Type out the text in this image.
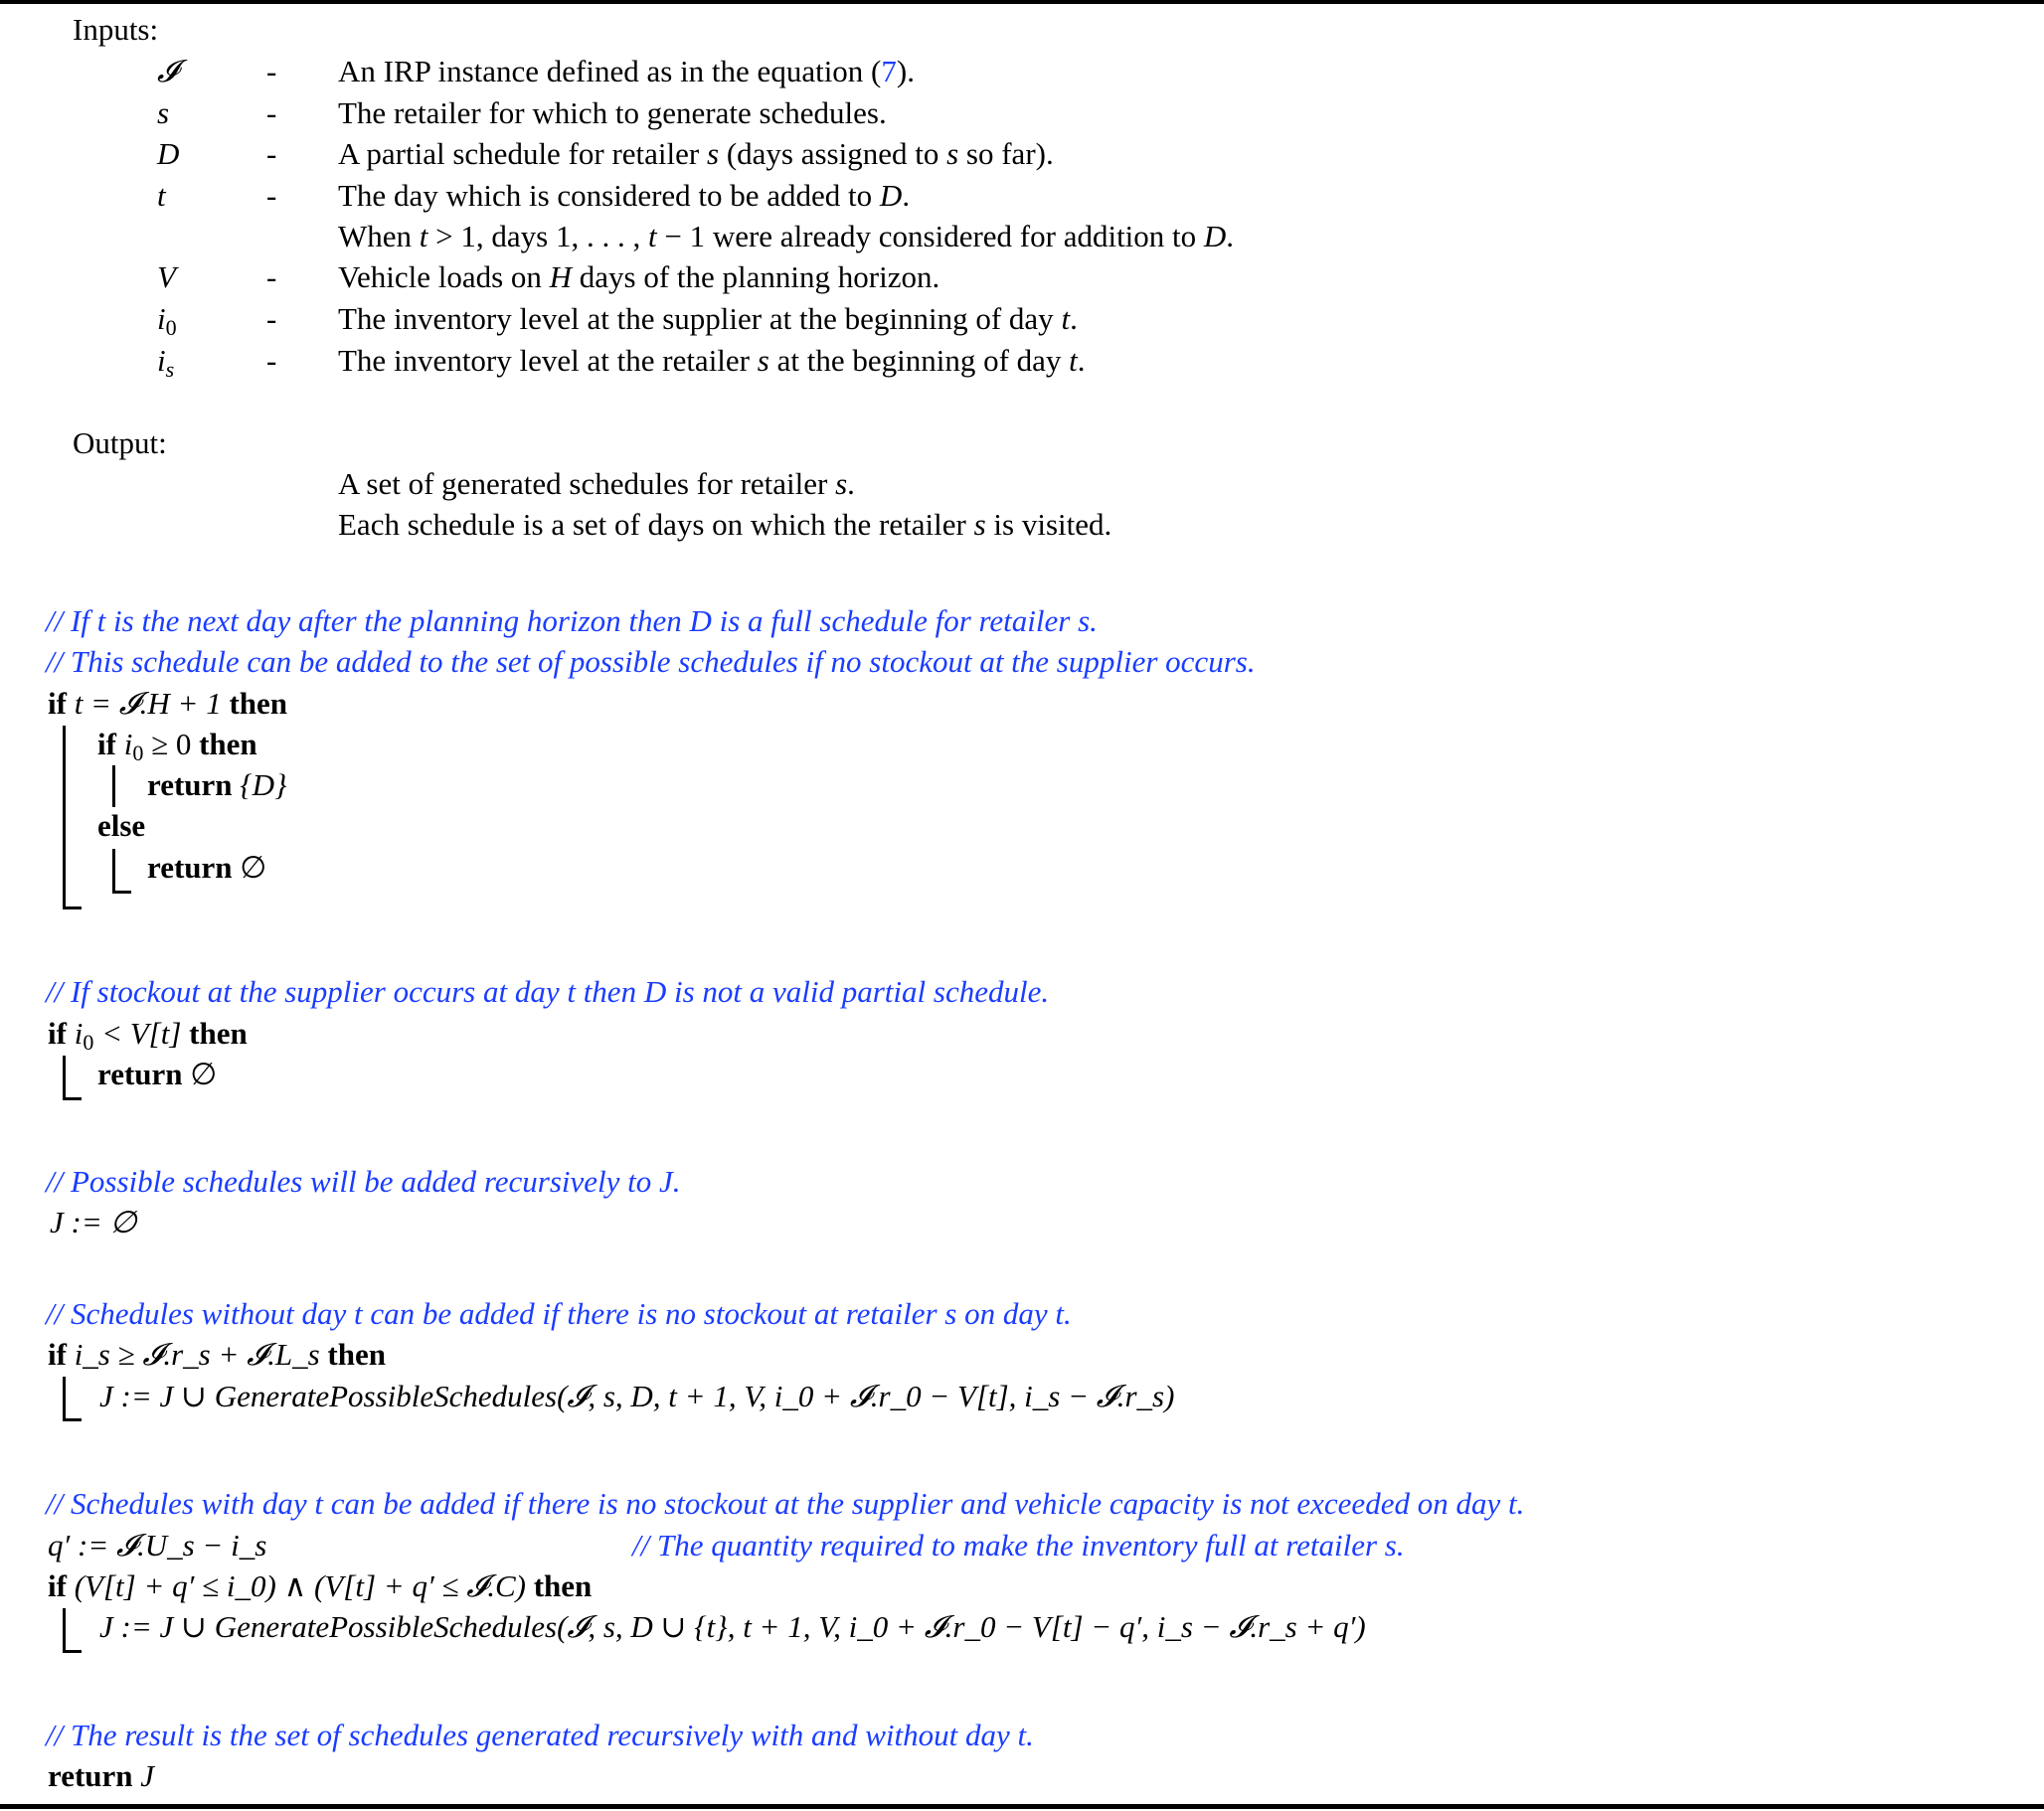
Inputs:
𝓘	- An IRP instance defined as in the equation (7).
s	- The retailer for which to generate schedules.
D	- A partial schedule for retailer s (days assigned to s so far).
t	- The day which is considered to be added to D.
When t > 1, days 1, . . . , t − 1 were already considered for addition to D.
V	- Vehicle loads on H days of the planning horizon.
$i_0$	- The inventory level at the supplier at the beginning of day t.
$i_s$	- The inventory level at the retailer s at the beginning of day t.
Output:
A set of generated schedules for retailer s.
Each schedule is a set of days on which the retailer s is visited.
// If t is the next day after the planning horizon then D is a full schedule for retailer s.
// This schedule can be added to the set of possible schedules if no stockout at the supplier occurs.
if t = 𝓘.H + 1 then
if $i_0 \ge 0$ then
return {D}
else
return ∅
// If stockout at the supplier occurs at day t then D is not a valid partial schedule.
if $i_0 < V[t]$ then
return ∅
// Possible schedules will be added recursively to J.
J := ∅
// Schedules without day t can be added if there is no stockout at retailer s on day t.
if i_s ≥ 𝓘.r_s + 𝓘.L_s then
J := J ∪ GeneratePossibleSchedules(𝓘, s, D, t + 1, V, i_0 + 𝓘.r_0 − V[t], i_s − 𝓘.r_s)
// Schedules with day t can be added if there is no stockout at the supplier and vehicle capacity is not exceeded on day t.
q′ := 𝓘.U_s − i_s	// The quantity required to make the inventory full at retailer s.
if (V[t] + q′ ≤ i_0) ∧ (V[t] + q′ ≤ 𝓘.C) then
J := J ∪ GeneratePossibleSchedules(𝓘, s, D ∪ {t}, t + 1, V, i_0 + 𝓘.r_0 − V[t] − q′, i_s − 𝓘.r_s + q′)
// The result is the set of schedules generated recursively with and without day t.
return J
